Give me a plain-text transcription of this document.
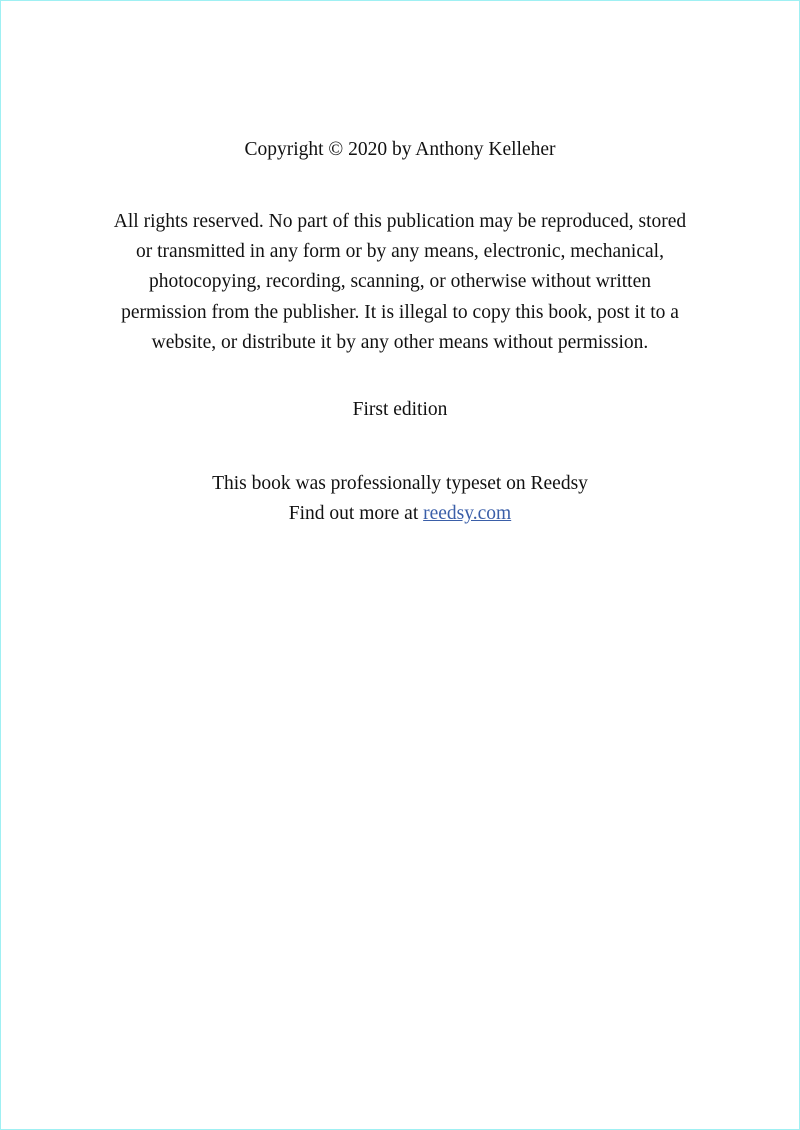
Copyright © 2020 by Anthony Kelleher
All rights reserved. No part of this publication may be reproduced, stored
or transmitted in any form or by any means, electronic, mechanical,
photocopying, recording, scanning, or otherwise without written
permission from the publisher. It is illegal to copy this book, post it to a
website, or distribute it by any other means without permission.
First edition
This book was professionally typeset on Reedsy
Find out more at reedsy.com
